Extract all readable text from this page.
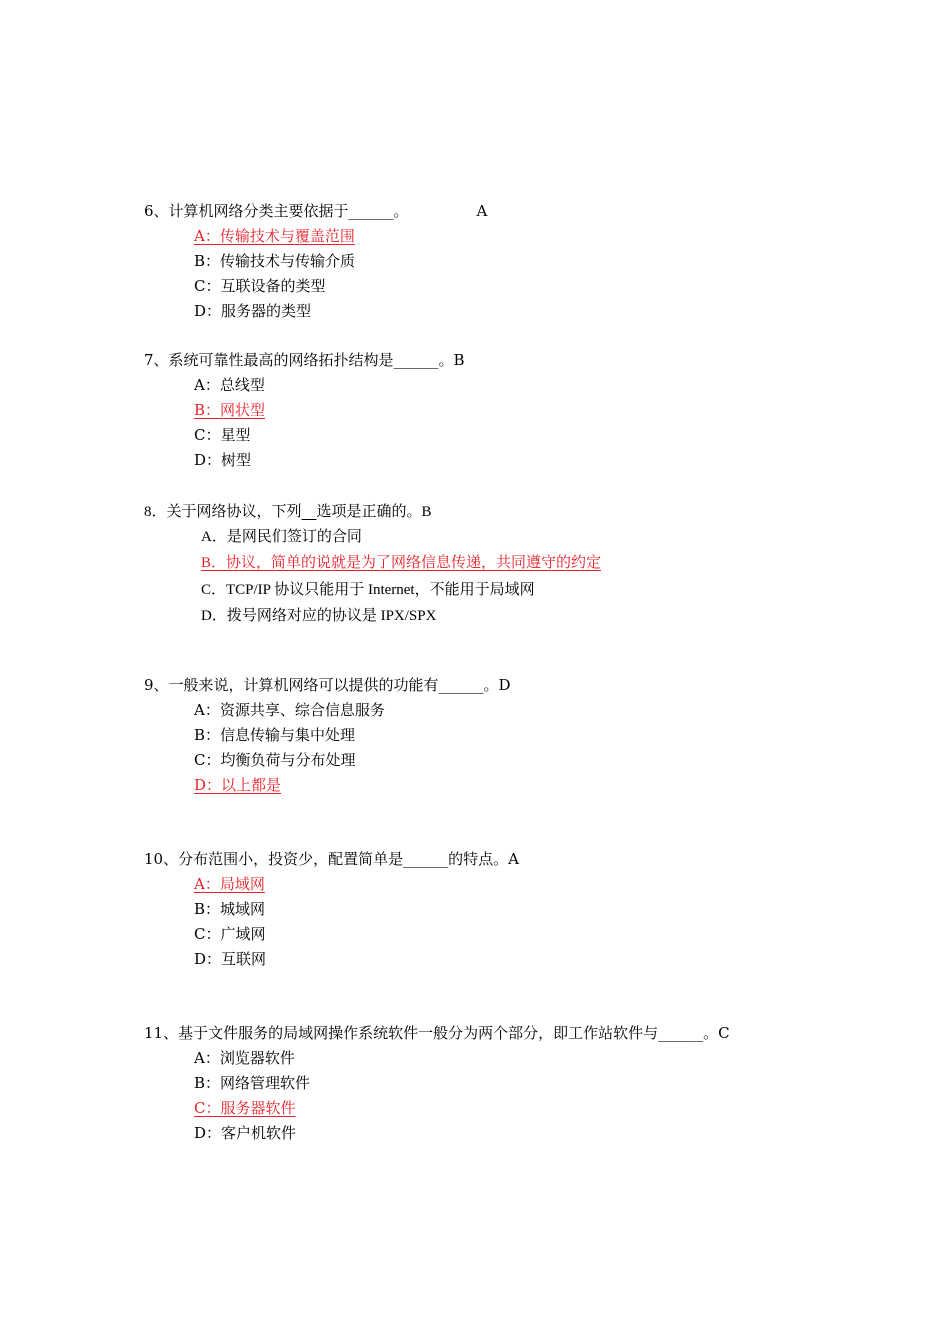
6、计算机网络分类主要依据于______。	A
A：传输技术与覆盖范围
B：传输技术与传输介质
C：互联设备的类型
D：服务器的类型
7、系统可靠性最高的网络拓扑结构是______。B
A：总线型
B：网状型
C：星型
D：树型
8．关于网络协议，下列 选项是正确的。B
A．是网民们签订的合同
B．协议，简单的说就是为了网络信息传递，共同遵守的约定
C．TCP/IP 协议只能用于 Internet，不能用于局域网
D．拨号网络对应的协议是 IPX/SPX
9、一般来说，计算机网络可以提供的功能有______。D
A：资源共享、综合信息服务
B：信息传输与集中处理
C：均衡负荷与分布处理
D：以上都是
10、分布范围小，投资少，配置简单是______的特点。A
A：局域网
B：城域网
C：广域网
D：互联网
11、基于文件服务的局域网操作系统软件一般分为两个部分，即工作站软件与______。C
A：浏览器软件
B：网络管理软件
C：服务器软件
D：客户机软件
